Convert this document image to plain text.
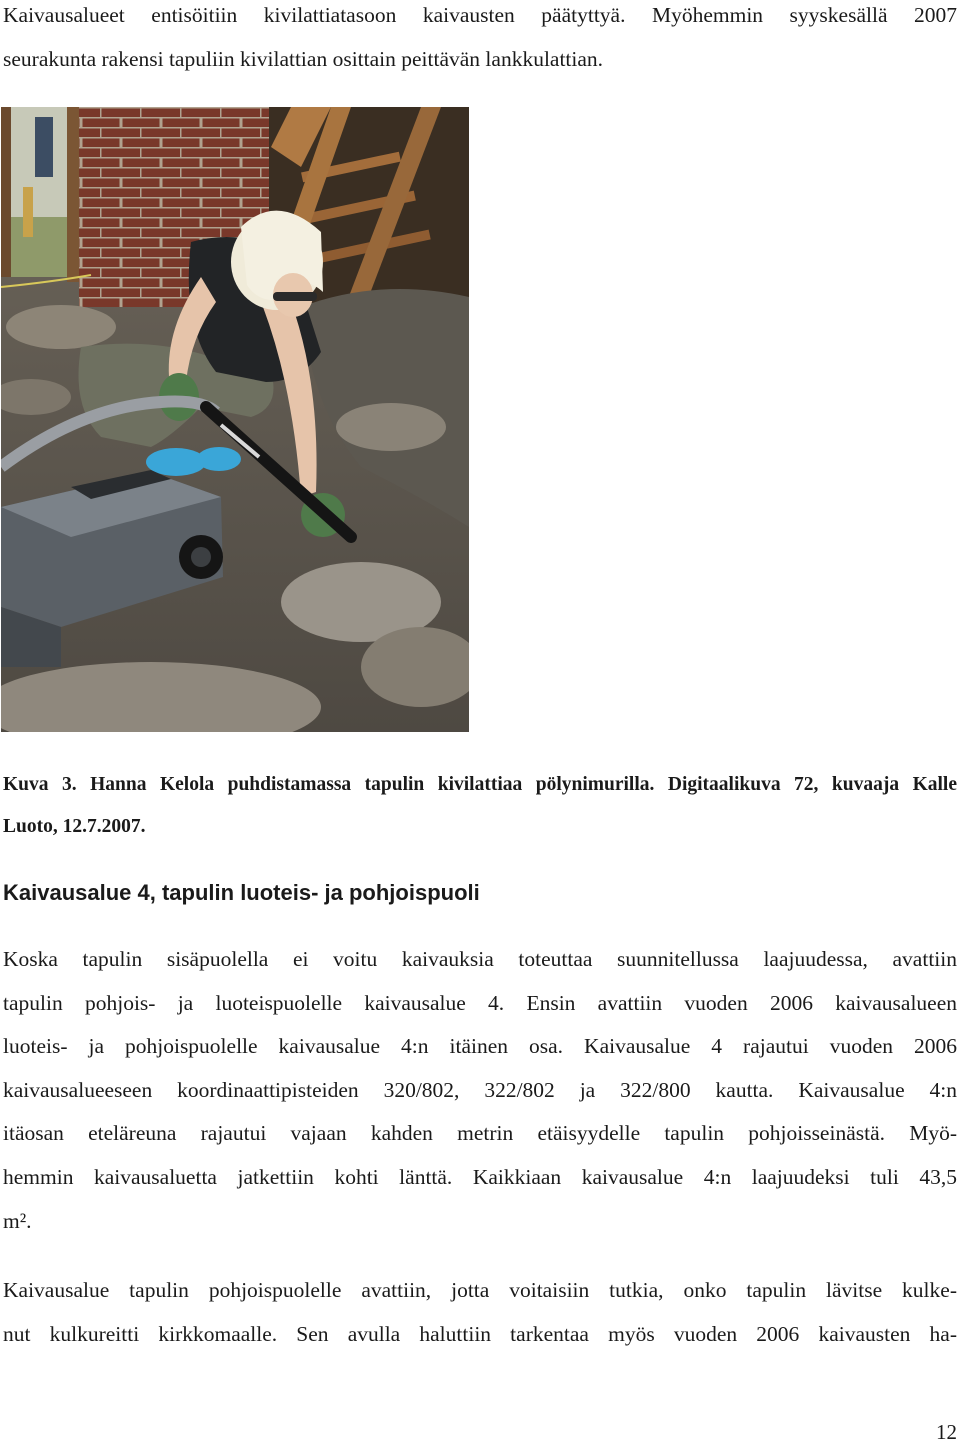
Kaivausalueet entisöitiin kivilattiatasoon kaivausten päätyttyä. Myöhemmin syyskesällä 2007
seurakunta rakensi tapuliin kivilattian osittain peittävän lankkulattian.

Kuva 3. Hanna Kelola puhdistamassa tapulin kivilattiaa pölynimurilla. Digitaalikuva 72, kuvaaja Kalle
Luoto, 12.7.2007.

Kaivausalue 4, tapulin luoteis- ja pohjoispuoli

Koska tapulin sisäpuolella ei voitu kaivauksia toteuttaa suunnitellussa laajuudessa, avattiin
tapulin pohjois- ja luoteispuolelle kaivausalue 4. Ensin avattiin vuoden 2006 kaivausalueen
luoteis- ja pohjoispuolelle kaivausalue 4:n itäinen osa. Kaivausalue 4 rajautui vuoden 2006
kaivausalueeseen koordinaattipisteiden 320/802, 322/802 ja 322/800 kautta. Kaivausalue 4:n
itäosan eteläreuna rajautui vajaan kahden metrin etäisyydelle tapulin pohjoisseinästä. Myö-
hemmin kaivausaluetta jatkettiin kohti länttä. Kaikkiaan kaivausalue 4:n laajuudeksi tuli 43,5
m².

Kaivausalue tapulin pohjoispuolelle avattiin, jotta voitaisiin tutkia, onko tapulin lävitse kulke-
nut kulkureitti kirkkomaalle. Sen avulla haluttiin tarkentaa myös vuoden 2006 kaivausten ha-

12
